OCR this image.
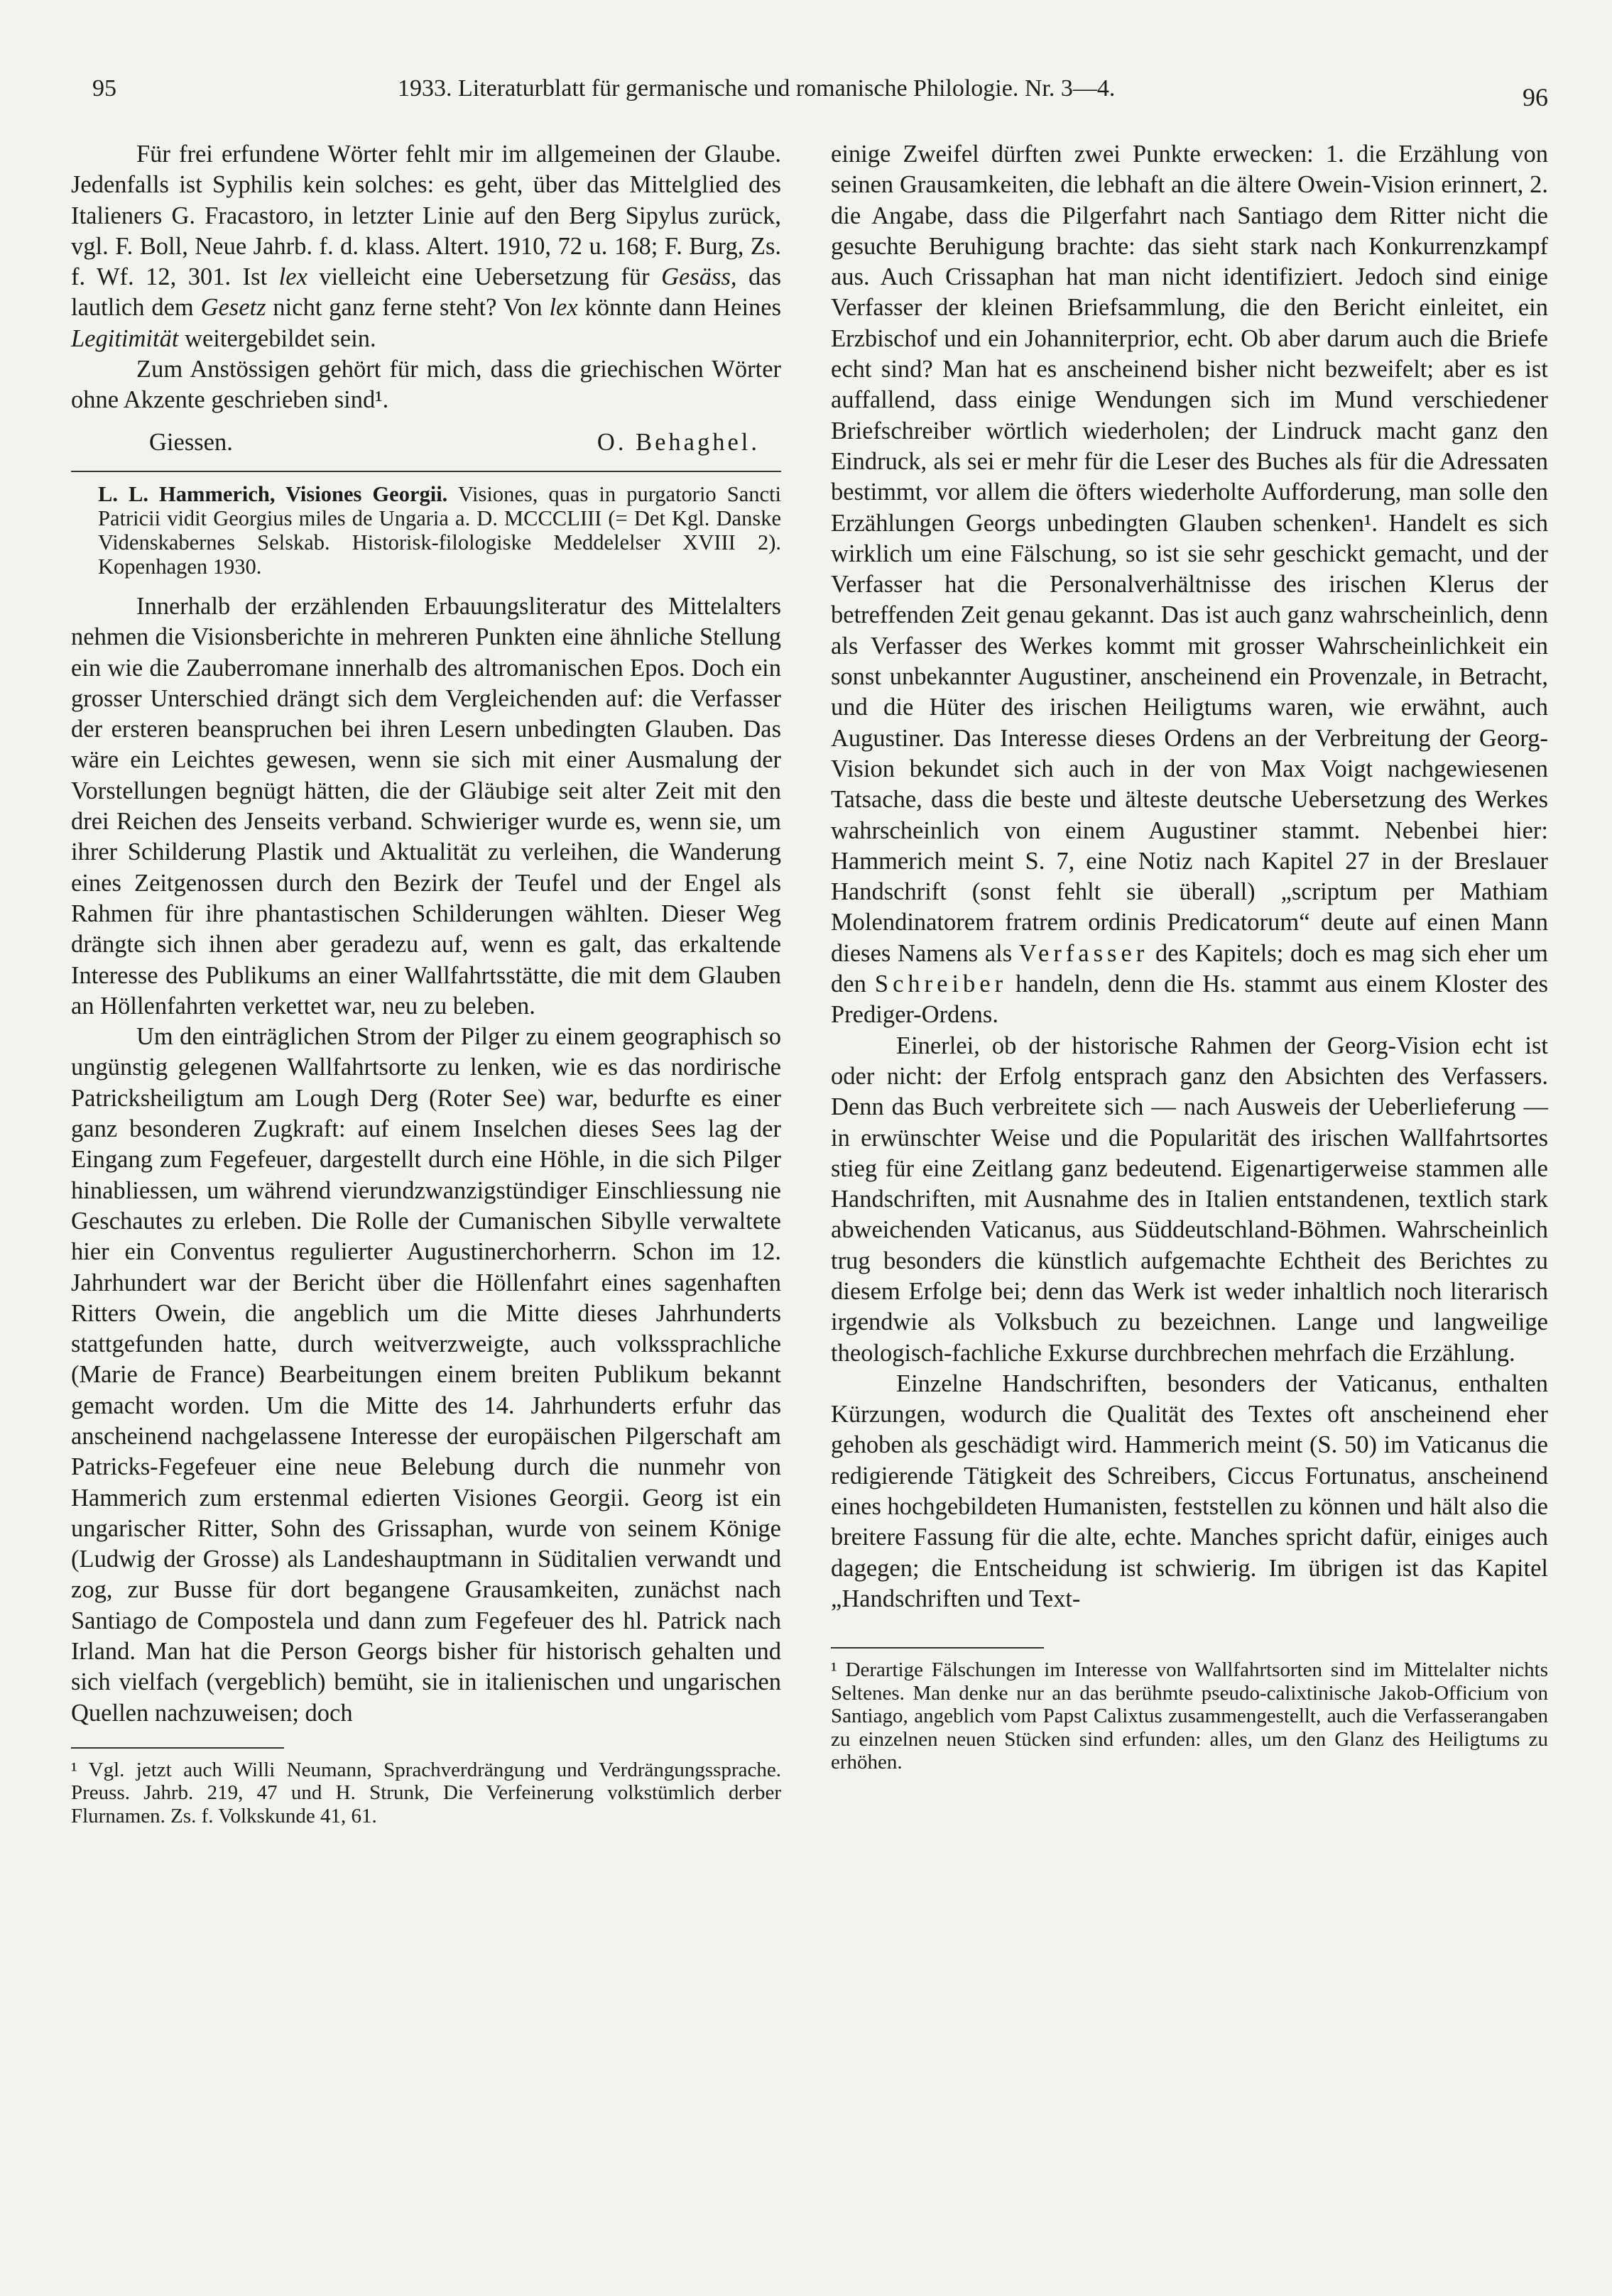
95	1933. Literaturblatt für germanische und romanische Philologie. Nr. 3—4.	96

Für frei erfundene Wörter fehlt mir im allgemeinen der Glaube. Jedenfalls ist Syphilis kein solches: es geht, über das Mittelglied des Italieners G. Fracastoro, in letzter Linie auf den Berg Sipylus zurück, vgl. F. Boll, Neue Jahrb. f. d. klass. Altert. 1910, 72 u. 168; F. Burg, Zs. f. Wf. 12, 301. Ist lex vielleicht eine Uebersetzung für Gesäss, das lautlich dem Gesetz nicht ganz ferne steht? Von lex könnte dann Heines Legitimität weitergebildet sein.

Zum Anstössigen gehört für mich, dass die griechischen Wörter ohne Akzente geschrieben sind¹.

Giessen.	O. Behaghel.

L. L. Hammerich, Visiones Georgii. Visiones, quas in purgatorio Sancti Patricii vidit Georgius miles de Ungaria a. D. MCCCLIII (= Det Kgl. Danske Videnskabernes Selskab. Historisk-filologiske Meddelelser XVIII 2). Kopenhagen 1930.

Innerhalb der erzählenden Erbauungsliteratur des Mittelalters nehmen die Visionsberichte in mehreren Punkten eine ähnliche Stellung ein wie die Zauberromane innerhalb des altromanischen Epos. Doch ein grosser Unterschied drängt sich dem Vergleichenden auf: die Verfasser der ersteren beanspruchen bei ihren Lesern unbedingten Glauben. Das wäre ein Leichtes gewesen, wenn sie sich mit einer Ausmalung der Vorstellungen begnügt hätten, die der Gläubige seit alter Zeit mit den drei Reichen des Jenseits verband. Schwieriger wurde es, wenn sie, um ihrer Schilderung Plastik und Aktualität zu verleihen, die Wanderung eines Zeitgenossen durch den Bezirk der Teufel und der Engel als Rahmen für ihre phantastischen Schilderungen wählten. Dieser Weg drängte sich ihnen aber geradezu auf, wenn es galt, das erkaltende Interesse des Publikums an einer Wallfahrtsstätte, die mit dem Glauben an Höllenfahrten verkettet war, neu zu beleben.

Um den einträglichen Strom der Pilger zu einem geographisch so ungünstig gelegenen Wallfahrtsorte zu lenken, wie es das nordirische Patricksheiligtum am Lough Derg (Roter See) war, bedurfte es einer ganz besonderen Zugkraft: auf einem Inselchen dieses Sees lag der Eingang zum Fegefeuer, dargestellt durch eine Höhle, in die sich Pilger hinabliessen, um während vierundzwanzigstündiger Einschliessung nie Geschautes zu erleben. Die Rolle der Cumanischen Sibylle verwaltete hier ein Conventus regulierter Augustinerchorherrn. Schon im 12. Jahrhundert war der Bericht über die Höllenfahrt eines sagenhaften Ritters Owein, die angeblich um die Mitte dieses Jahrhunderts stattgefunden hatte, durch weitverzweigte, auch volkssprachliche (Marie de France) Bearbeitungen einem breiten Publikum bekannt gemacht worden. Um die Mitte des 14. Jahrhunderts erfuhr das anscheinend nachgelassene Interesse der europäischen Pilgerschaft am Patricks-Fegefeuer eine neue Belebung durch die nunmehr von Hammerich zum erstenmal edierten Visiones Georgii. Georg ist ein ungarischer Ritter, Sohn des Grissaphan, wurde von seinem Könige (Ludwig der Grosse) als Landeshauptmann in Süditalien verwandt und zog, zur Busse für dort begangene Grausamkeiten, zunächst nach Santiago de Compostela und dann zum Fegefeuer des hl. Patrick nach Irland. Man hat die Person Georgs bisher für historisch gehalten und sich vielfach (vergeblich) bemüht, sie in italienischen und ungarischen Quellen nachzuweisen; doch

¹ Vgl. jetzt auch Willi Neumann, Sprachverdrängung und Verdrängungssprache. Preuss. Jahrb. 219, 47 und H. Strunk, Die Verfeinerung volkstümlich derber Flurnamen. Zs. f. Volkskunde 41, 61.

einige Zweifel dürften zwei Punkte erwecken: 1. die Erzählung von seinen Grausamkeiten, die lebhaft an die ältere Owein-Vision erinnert, 2. die Angabe, dass die Pilgerfahrt nach Santiago dem Ritter nicht die gesuchte Beruhigung brachte: das sieht stark nach Konkurrenzkampf aus. Auch Crissaphan hat man nicht identifiziert. Jedoch sind einige Verfasser der kleinen Briefsammlung, die den Bericht einleitet, ein Erzbischof und ein Johanniterprior, echt. Ob aber darum auch die Briefe echt sind? Man hat es anscheinend bisher nicht bezweifelt; aber es ist auffallend, dass einige Wendungen sich im Mund verschiedener Briefschreiber wörtlich wiederholen; der Lindruck macht ganz den Eindruck, als sei er mehr für die Leser des Buches als für die Adressaten bestimmt, vor allem die öfters wiederholte Aufforderung, man solle den Erzählungen Georgs unbedingten Glauben schenken¹. Handelt es sich wirklich um eine Fälschung, so ist sie sehr geschickt gemacht, und der Verfasser hat die Personalverhältnisse des irischen Klerus der betreffenden Zeit genau gekannt. Das ist auch ganz wahrscheinlich, denn als Verfasser des Werkes kommt mit grosser Wahrscheinlichkeit ein sonst unbekannter Augustiner, anscheinend ein Provenzale, in Betracht, und die Hüter des irischen Heiligtums waren, wie erwähnt, auch Augustiner. Das Interesse dieses Ordens an der Verbreitung der Georg-Vision bekundet sich auch in der von Max Voigt nachgewiesenen Tatsache, dass die beste und älteste deutsche Uebersetzung des Werkes wahrscheinlich von einem Augustiner stammt. Nebenbei hier: Hammerich meint S. 7, eine Notiz nach Kapitel 27 in der Breslauer Handschrift (sonst fehlt sie überall) „scriptum per Mathiam Molendinatorem fratrem ordinis Predicatorum“ deute auf einen Mann dieses Namens als Verfasser des Kapitels; doch es mag sich eher um den Schreiber handeln, denn die Hs. stammt aus einem Kloster des Prediger-Ordens.

Einerlei, ob der historische Rahmen der Georg-Vision echt ist oder nicht: der Erfolg entsprach ganz den Absichten des Verfassers. Denn das Buch verbreitete sich — nach Ausweis der Ueberlieferung — in erwünschter Weise und die Popularität des irischen Wallfahrtsortes stieg für eine Zeitlang ganz bedeutend. Eigenartigerweise stammen alle Handschriften, mit Ausnahme des in Italien entstandenen, textlich stark abweichenden Vaticanus, aus Süddeutschland-Böhmen. Wahrscheinlich trug besonders die künstlich aufgemachte Echtheit des Berichtes zu diesem Erfolge bei; denn das Werk ist weder inhaltlich noch literarisch irgendwie als Volksbuch zu bezeichnen. Lange und langweilige theologisch-fachliche Exkurse durchbrechen mehrfach die Erzählung.

Einzelne Handschriften, besonders der Vaticanus, enthalten Kürzungen, wodurch die Qualität des Textes oft anscheinend eher gehoben als geschädigt wird. Hammerich meint (S. 50) im Vaticanus die redigierende Tätigkeit des Schreibers, Ciccus Fortunatus, anscheinend eines hochgebildeten Humanisten, feststellen zu können und hält also die breitere Fassung für die alte, echte. Manches spricht dafür, einiges auch dagegen; die Entscheidung ist schwierig. Im übrigen ist das Kapitel „Handschriften und Text-

¹ Derartige Fälschungen im Interesse von Wallfahrtsorten sind im Mittelalter nichts Seltenes. Man denke nur an das berühmte pseudo-calixtinische Jakob-Officium von Santiago, angeblich vom Papst Calixtus zusammengestellt, auch die Verfasserangaben zu einzelnen neuen Stücken sind erfunden: alles, um den Glanz des Heiligtums zu erhöhen.
